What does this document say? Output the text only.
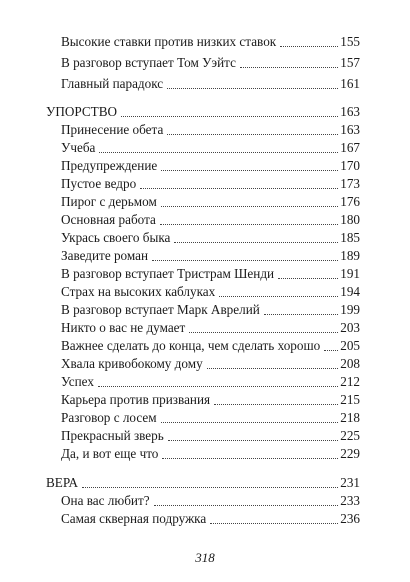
Высокие ставки против низких ставок	155
В разговор вступает Том Уэйтс	157
Главный парадокс	161
УПОРСТВО	163
Принесение обета	163
Учеба	167
Предупреждение	170
Пустое ведро	173
Пирог с дерьмом	176
Основная работа	180
Укрась своего быка	185
Заведите роман	189
В разговор вступает Тристрам Шенди	191
Страх на высоких каблуках	194
В разговор вступает Марк Аврелий	199
Никто о вас не думает	203
Важнее сделать до конца, чем сделать хорошо 205
Хвала кривобокому дому	208
Успех	212
Карьера против призвания	215
Разговор с лосем	218
Прекрасный зверь	225
Да, и вот еще что	229
ВЕРА	231
Она вас любит?	233
Самая скверная подружка	236
318
